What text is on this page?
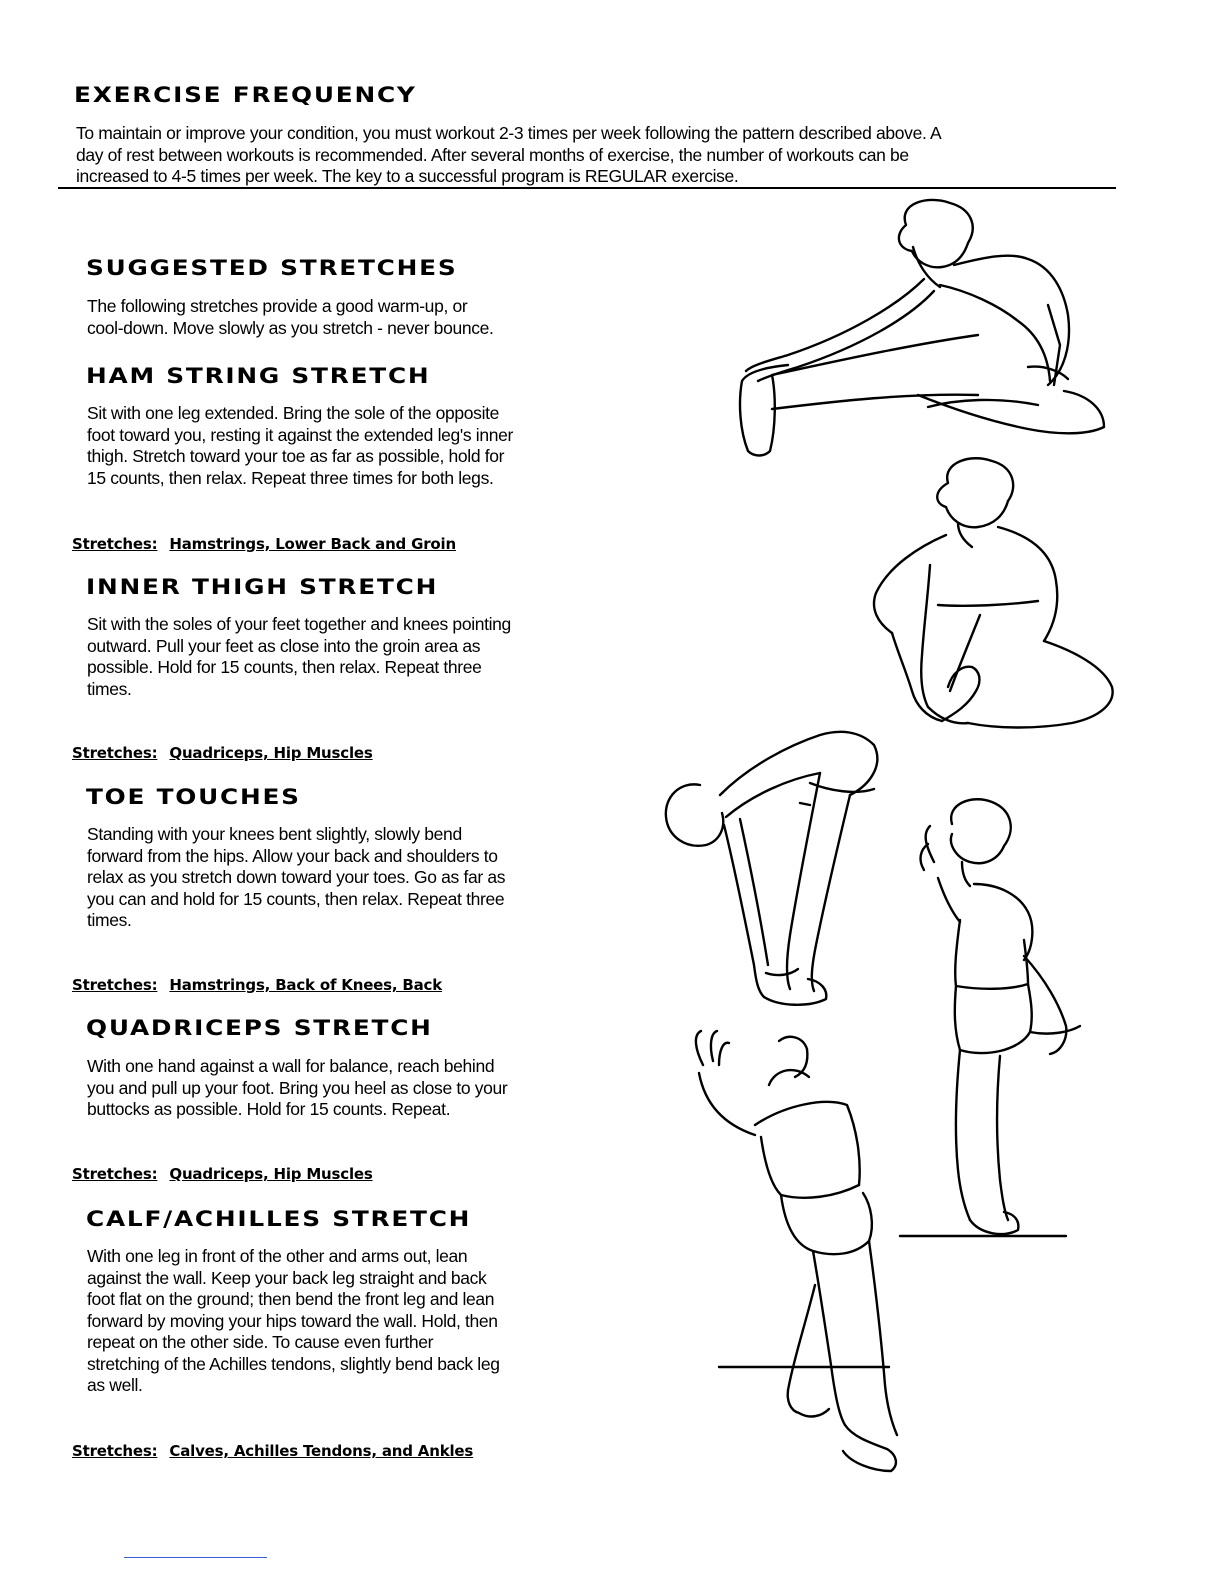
EXERCISE FREQUENCY

To maintain or improve your condition, you must workout 2-3 times per week following the pattern described above. A
day of rest between workouts is recommended. After several months of exercise, the number of workouts can be
increased to 4-5 times per week. The key to a successful program is REGULAR exercise.

SUGGESTED STRETCHES

The following stretches provide a good warm-up, or
cool-down. Move slowly as you stretch - never bounce.

HAM STRING STRETCH

Sit with one leg extended. Bring the sole of the opposite
foot toward you, resting it against the extended leg's inner
thigh. Stretch toward your toe as far as possible, hold for
15 counts, then relax. Repeat three times for both legs.

Stretches: Hamstrings, Lower Back and Groin

INNER THIGH STRETCH

Sit with the soles of your feet together and knees pointing
outward. Pull your feet as close into the groin area as
possible. Hold for 15 counts, then relax. Repeat three
times.

Stretches: Quadriceps, Hip Muscles

TOE TOUCHES

Standing with your knees bent slightly, slowly bend
forward from the hips. Allow your back and shoulders to
relax as you stretch down toward your toes. Go as far as
you can and hold for 15 counts, then relax. Repeat three
times.

Stretches: Hamstrings, Back of Knees, Back

QUADRICEPS STRETCH

With one hand against a wall for balance, reach behind
you and pull up your foot. Bring you heel as close to your
buttocks as possible. Hold for 15 counts. Repeat.

Stretches: Quadriceps, Hip Muscles

CALF/ACHILLES STRETCH

With one leg in front of the other and arms out, lean
against the wall. Keep your back leg straight and back
foot flat on the ground; then bend the front leg and lean
forward by moving your hips toward the wall. Hold, then
repeat on the other side. To cause even further
stretching of the Achilles tendons, slightly bend back leg
as well.

Stretches: Calves, Achilles Tendons, and Ankles
